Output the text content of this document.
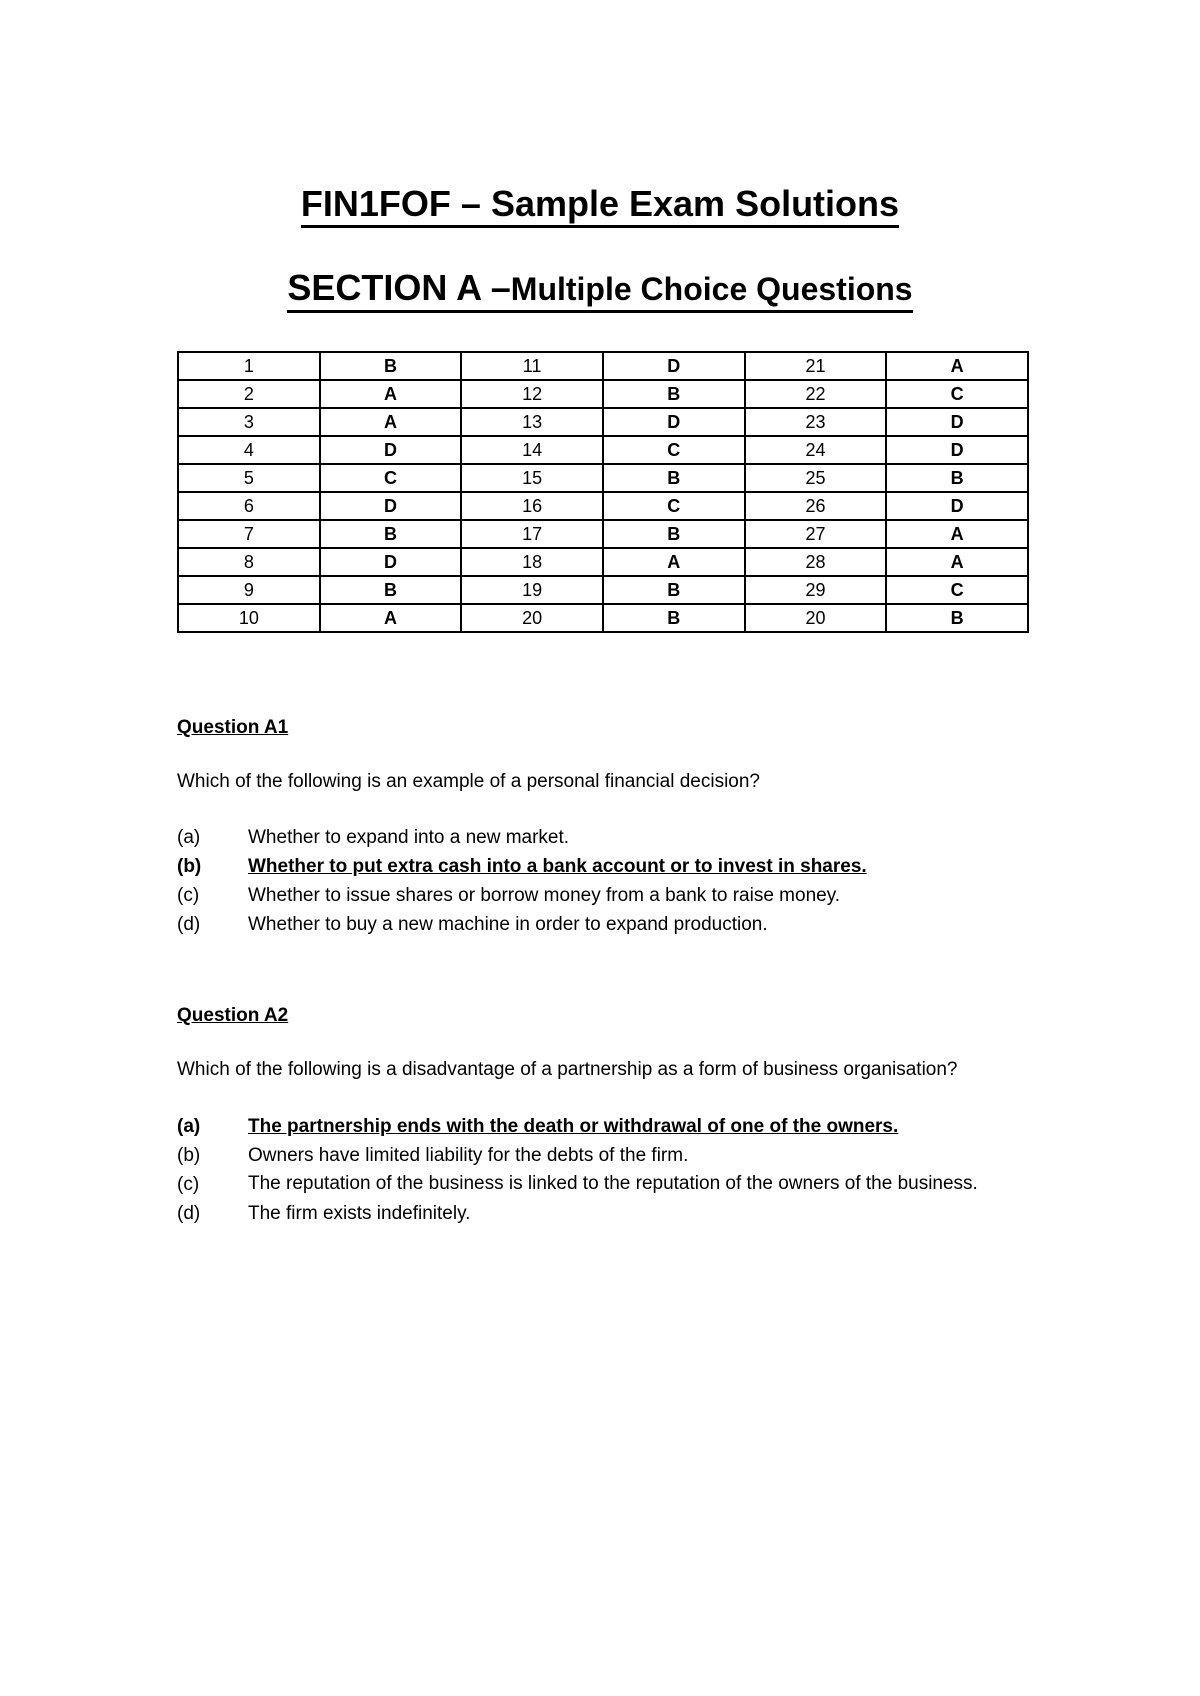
FIN1FOF – Sample Exam Solutions
SECTION A –Multiple Choice Questions
1	B	11	D	21	A
2	A	12	B	22	C
3	A	13	D	23	D
4	D	14	C	24	D
5	C	15	B	25	B
6	D	16	C	26	D
7	B	17	B	27	A
8	D	18	A	28	A
9	B	19	B	29	C
10	A	20	B	20	B
Question A1
Which of the following is an example of a personal financial decision?
(a)	Whether to expand into a new market.
(b)	Whether to put extra cash into a bank account or to invest in shares.
(c)	Whether to issue shares or borrow money from a bank to raise money.
(d)	Whether to buy a new machine in order to expand production.
Question A2
Which of the following is a disadvantage of a partnership as a form of business organisation?
(a)	The partnership ends with the death or withdrawal of one of the owners.
(b)	Owners have limited liability for the debts of the firm.
(c)	The reputation of the business is linked to the reputation of the owners of the business.
(d)	The firm exists indefinitely.
